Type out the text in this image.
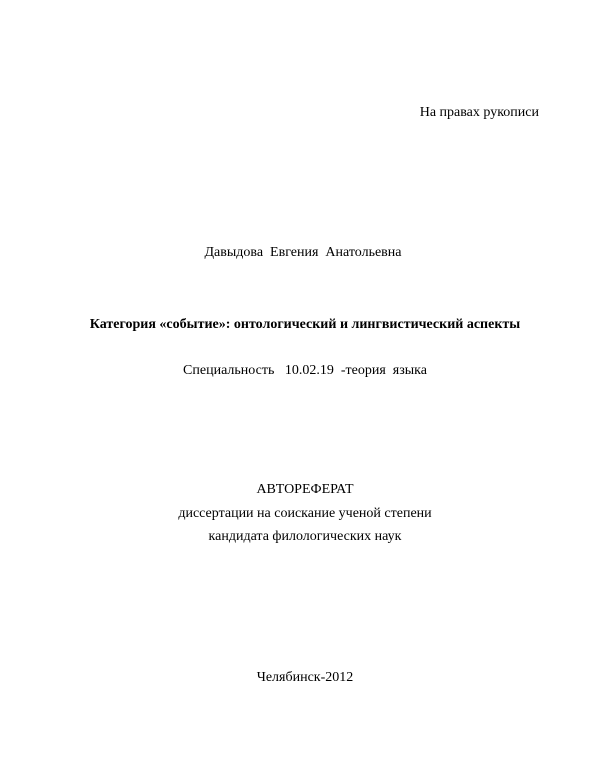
На правах рукописи
Давыдова  Евгения  Анатольевна
Категория «событие»: онтологический и лингвистический аспекты
Специальность   10.02.19  -теория  языка
АВТОРЕФЕРАТ
диссертации на соискание ученой степени
кандидата филологических наук
Челябинск-2012
